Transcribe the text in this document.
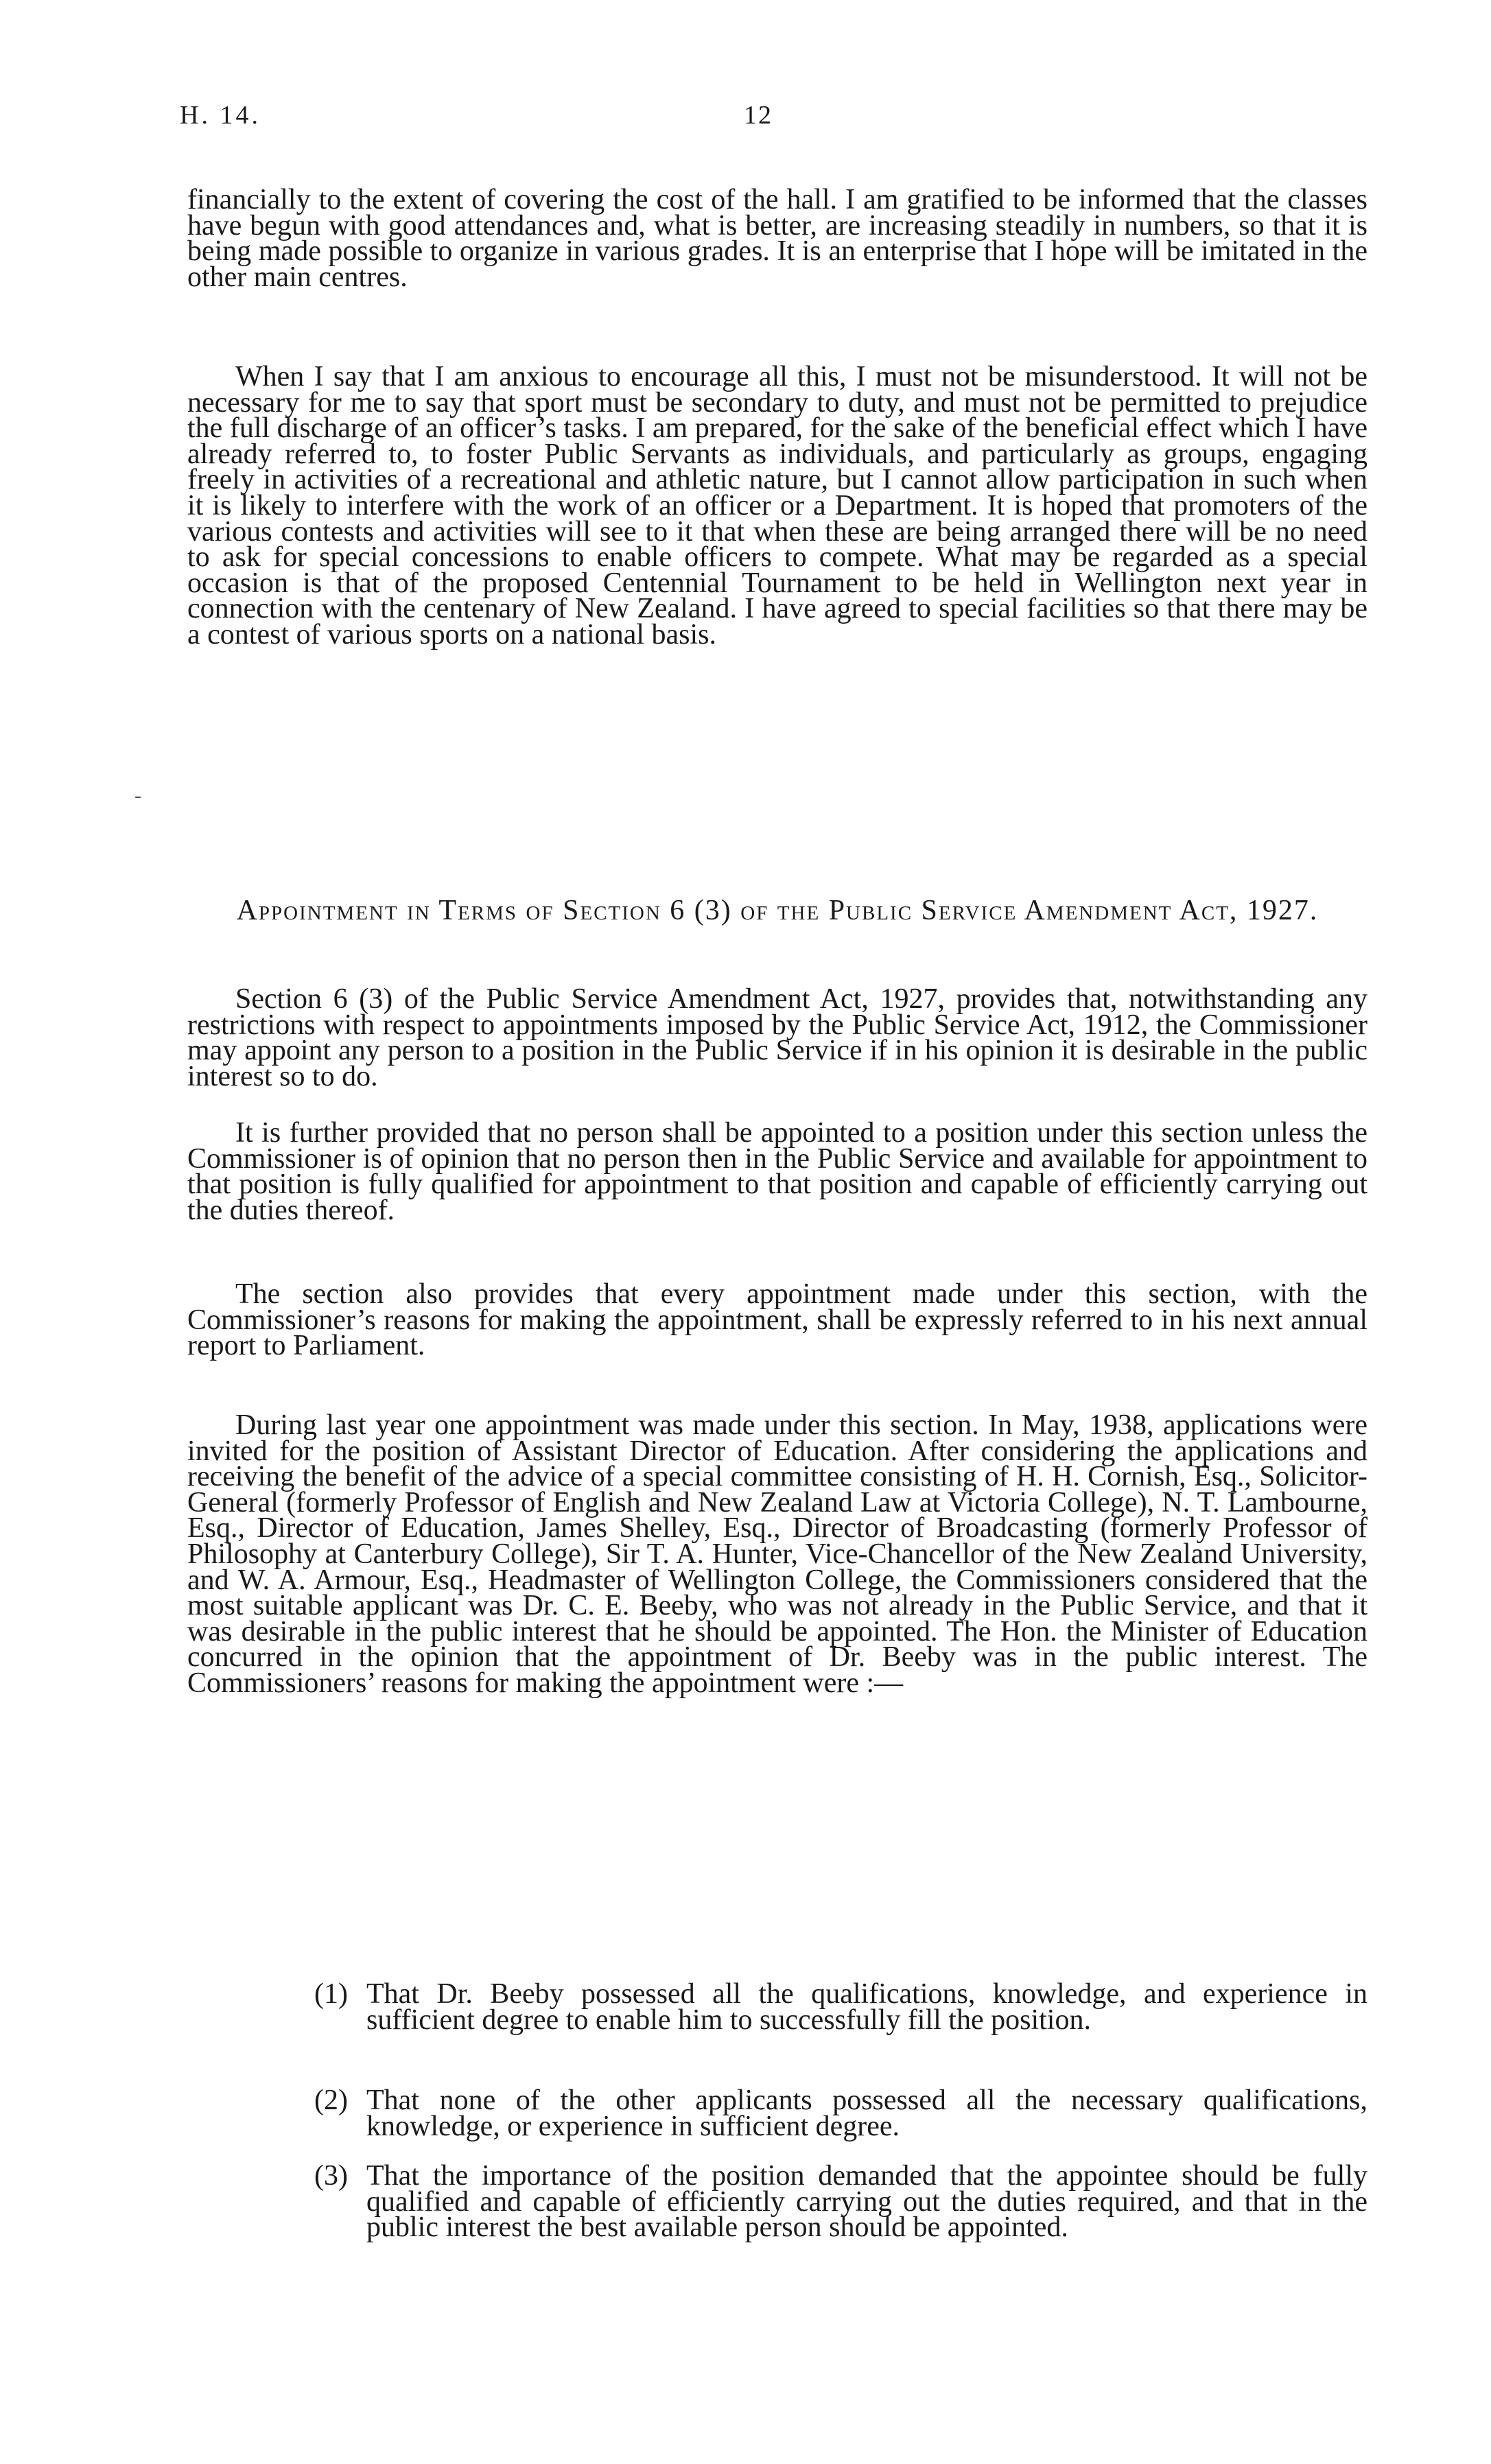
H. 14.	12

financially to the extent of covering the cost of the hall. I am gratified to be informed that the classes have begun with good attendances and, what is better, are increasing steadily in numbers, so that it is being made possible to organize in various grades. It is an enterprise that I hope will be imitated in the other main centres.

When I say that I am anxious to encourage all this, I must not be misunderstood. It will not be necessary for me to say that sport must be secondary to duty, and must not be permitted to prejudice the full discharge of an officer’s tasks. I am prepared, for the sake of the beneficial effect which I have already referred to, to foster Public Servants as individuals, and particularly as groups, engaging freely in activities of a recreational and athletic nature, but I cannot allow participation in such when it is likely to interfere with the work of an officer or a Department. It is hoped that promoters of the various contests and activities will see to it that when these are being arranged there will be no need to ask for special concessions to enable officers to compete. What may be regarded as a special occasion is that of the proposed Centennial Tournament to be held in Wellington next year in connection with the centenary of New Zealand. I have agreed to special facilities so that there may be a contest of various sports on a national basis.

-
Appointment in Terms of Section 6 (3) of the Public Service Amendment Act, 1927.

Section 6 (3) of the Public Service Amendment Act, 1927, provides that, notwithstanding any restrictions with respect to appointments imposed by the Public Service Act, 1912, the Commissioner may appoint any person to a position in the Public Service if in his opinion it is desirable in the public interest so to do.

It is further provided that no person shall be appointed to a position under this section unless the Commissioner is of opinion that no person then in the Public Service and available for appointment to that position is fully qualified for appointment to that position and capable of efficiently carrying out the duties thereof.

The section also provides that every appointment made under this section, with the Commissioner’s reasons for making the appointment, shall be expressly referred to in his next annual report to Parliament.

During last year one appointment was made under this section. In May, 1938, applications were invited for the position of Assistant Director of Education. After considering the applications and receiving the benefit of the advice of a special committee consisting of H. H. Cornish, Esq., Solicitor-General (formerly Professor of English and New Zealand Law at Victoria College), N. T. Lambourne, Esq., Director of Education, James Shelley, Esq., Director of Broadcasting (formerly Professor of Philosophy at Canterbury College), Sir T. A. Hunter, Vice-Chancellor of the New Zealand University, and W. A. Armour, Esq., Headmaster of Wellington College, the Commissioners considered that the most suitable applicant was Dr. C. E. Beeby, who was not already in the Public Service, and that it was desirable in the public interest that he should be appointed. The Hon. the Minister of Education concurred in the opinion that the appointment of Dr. Beeby was in the public interest. The Commissioners’ reasons for making the appointment were :—

(1) That Dr. Beeby possessed all the qualifications, knowledge, and experience in sufficient degree to enable him to successfully fill the position.
(2) That none of the other applicants possessed all the necessary qualifications, knowledge, or experience in sufficient degree.
(3) That the importance of the position demanded that the appointee should be fully qualified and capable of efficiently carrying out the duties required, and that in the public interest the best available person should be appointed.
